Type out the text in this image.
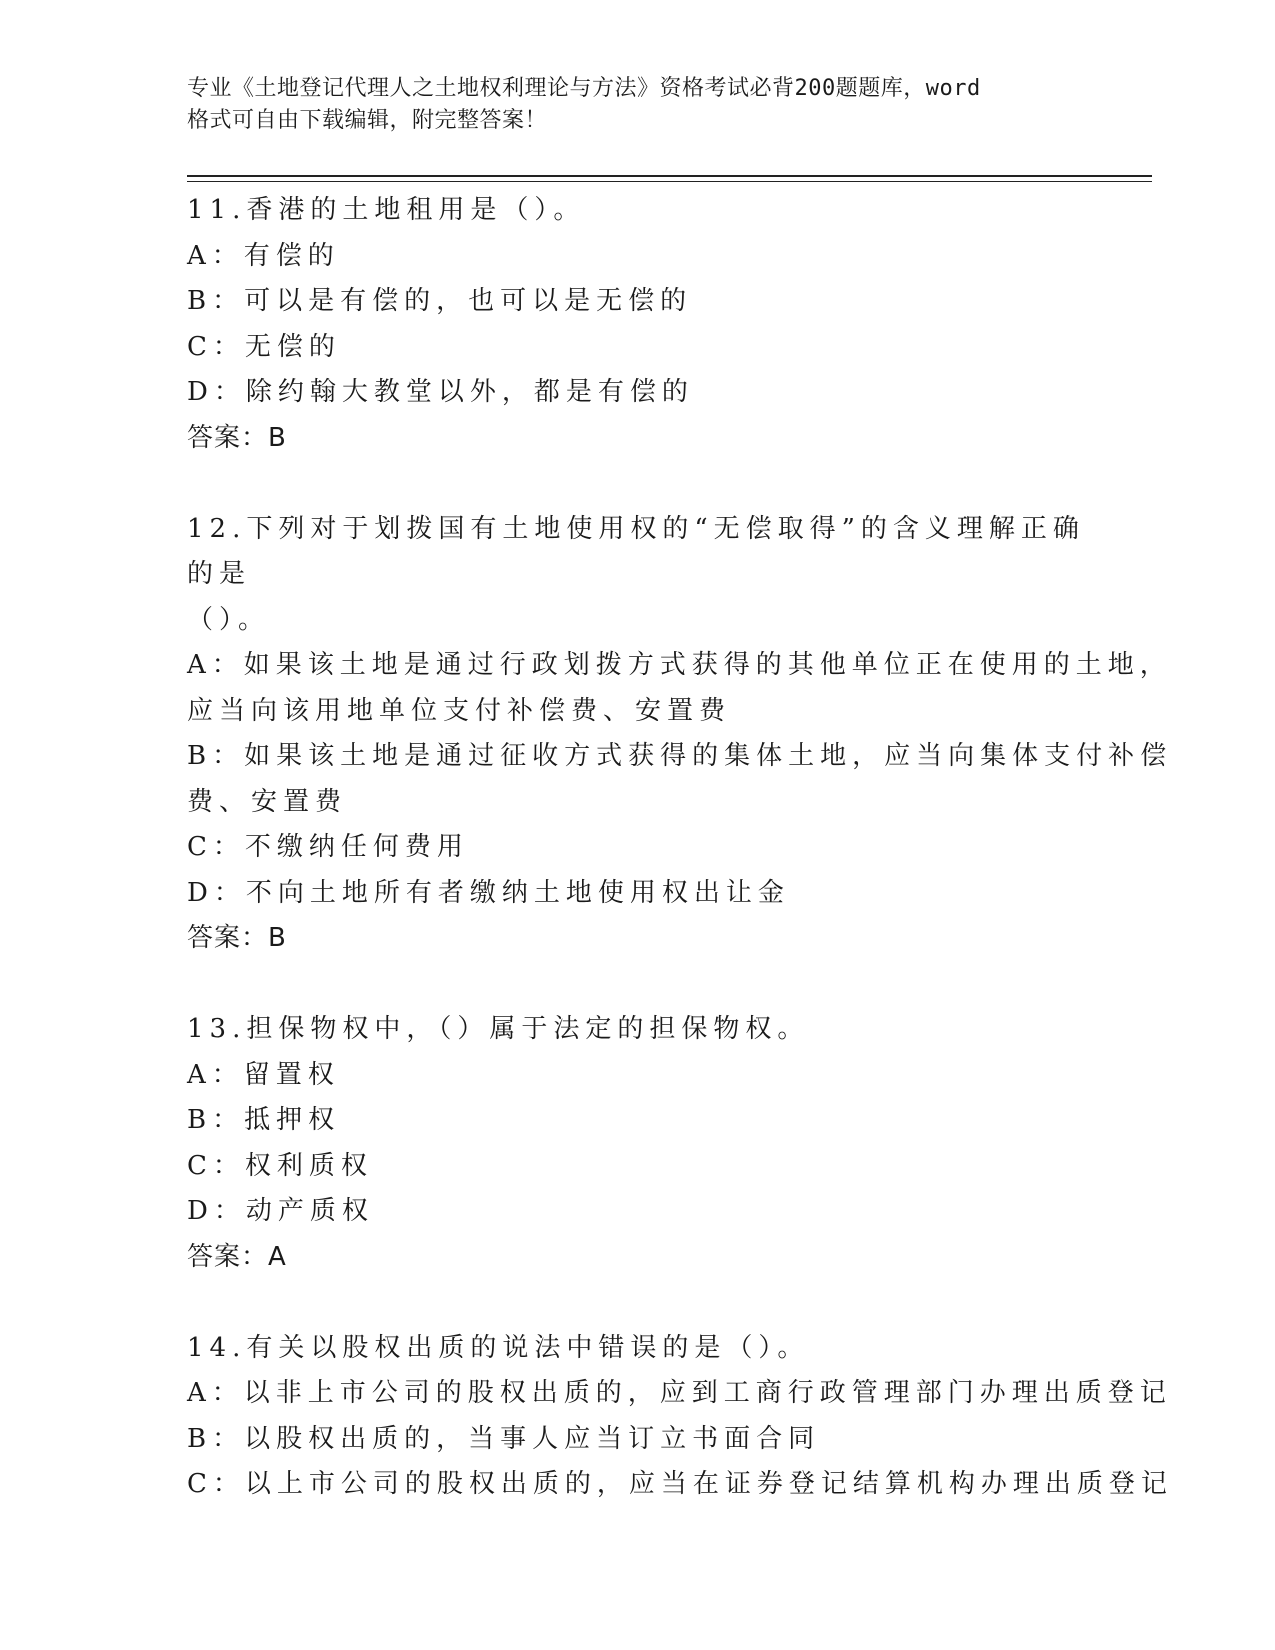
专业《土地登记代理人之土地权利理论与方法》资格考试必背200题题库，word
格式可自由下载编辑，附完整答案！
11.香港的土地租用是（）。
A：有偿的
B：可以是有偿的，也可以是无偿的
C：无偿的
D：除约翰大教堂以外，都是有偿的
答案：B
12.下列对于划拨国有土地使用权的“无偿取得”的含义理解正确的是
（）。
A：如果该土地是通过行政划拨方式获得的其他单位正在使用的土地，
应当向该用地单位支付补偿费、安置费
B：如果该土地是通过征收方式获得的集体土地，应当向集体支付补偿
费、安置费
C：不缴纳任何费用
D：不向土地所有者缴纳土地使用权出让金
答案：B
13.担保物权中，（）属于法定的担保物权。
A：留置权
B：抵押权
C：权利质权
D：动产质权
答案：A
14.有关以股权出质的说法中错误的是（）。
A：以非上市公司的股权出质的，应到工商行政管理部门办理出质登记
B：以股权出质的，当事人应当订立书面合同
C：以上市公司的股权出质的，应当在证券登记结算机构办理出质登记
